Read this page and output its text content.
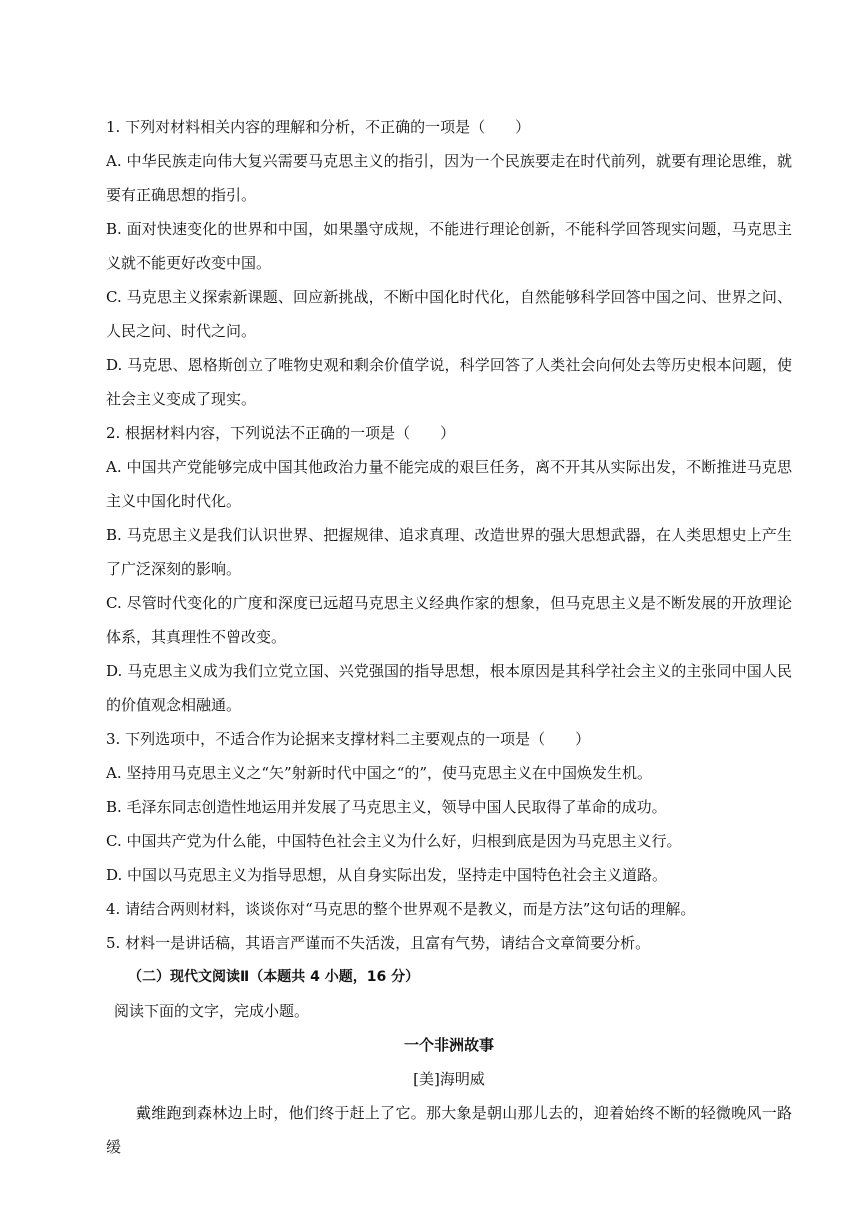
1. 下列对材料相关内容的理解和分析，不正确的一项是（　　）

A. 中华民族走向伟大复兴需要马克思主义的指引，因为一个民族要走在时代前列，就要有理论思维，就要有正确思想的指引。

B. 面对快速变化的世界和中国，如果墨守成规，不能进行理论创新，不能科学回答现实问题，马克思主义就不能更好改变中国。

C. 马克思主义探索新课题、回应新挑战，不断中国化时代化，自然能够科学回答中国之问、世界之问、人民之问、时代之问。

D. 马克思、恩格斯创立了唯物史观和剩余价值学说，科学回答了人类社会向何处去等历史根本问题，使社会主义变成了现实。

2. 根据材料内容，下列说法不正确的一项是（　　）

A. 中国共产党能够完成中国其他政治力量不能完成的艰巨任务，离不开其从实际出发，不断推进马克思主义中国化时代化。

B. 马克思主义是我们认识世界、把握规律、追求真理、改造世界的强大思想武器，在人类思想史上产生了广泛深刻的影响。

C. 尽管时代变化的广度和深度已远超马克思主义经典作家的想象，但马克思主义是不断发展的开放理论体系，其真理性不曾改变。

D. 马克思主义成为我们立党立国、兴党强国的指导思想，根本原因是其科学社会主义的主张同中国人民的价值观念相融通。

3. 下列选项中，不适合作为论据来支撑材料二主要观点的一项是（　　）

A. 坚持用马克思主义之“矢”射新时代中国之“的”，使马克思主义在中国焕发生机。

B. 毛泽东同志创造性地运用并发展了马克思主义，领导中国人民取得了革命的成功。

C. 中国共产党为什么能，中国特色社会主义为什么好，归根到底是因为马克思主义行。

D. 中国以马克思主义为指导思想，从自身实际出发，坚持走中国特色社会主义道路。

4. 请结合两则材料，谈谈你对“马克思的整个世界观不是教义，而是方法”这句话的理解。

5. 材料一是讲话稿，其语言严谨而不失活泼，且富有气势，请结合文章简要分析。

（二）现代文阅读Ⅱ（本题共 4 小题，16 分）

阅读下面的文字，完成小题。

一个非洲故事

[美]海明威

戴维跑到森林边上时，他们终于赶上了它。那大象是朝山那儿去的，迎着始终不断的轻微晚风一路缓
